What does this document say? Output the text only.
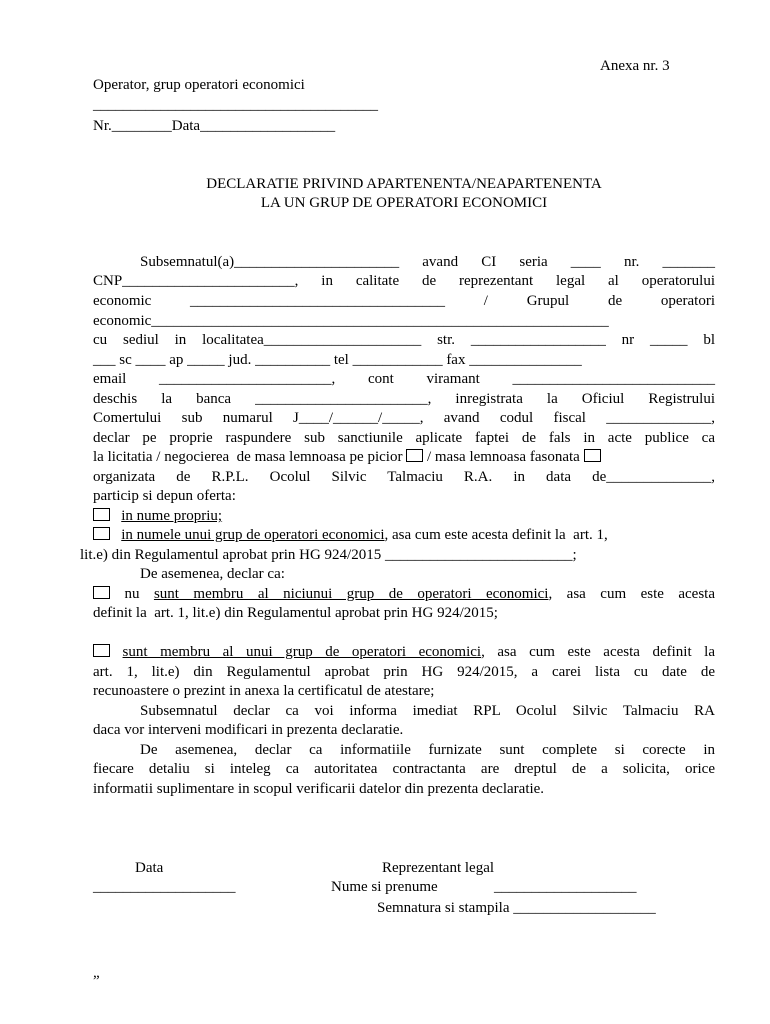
Anexa nr. 3
Operator, grup operatori economici
______________________________________
Nr.________Data__________________
DECLARATIE PRIVIND APARTENENTA/NEAPARTENENTA
LA UN GRUP DE OPERATORI ECONOMICI
Subsemnatul(a)______________________ avand CI seria ____ nr. _______
CNP_______________________, in calitate de reprezentant legal al operatorului
economic __________________________________ / Grupul de operatori
economic_____________________________________________________________
cu sediul in localitatea_____________________ str. __________________ nr _____ bl
___ sc ____ ap _____ jud. __________ tel ____________ fax _______________
email _______________________, cont viramant ___________________________
deschis la banca _______________________, inregistrata la Oficiul Registrului
Comertului sub numarul J____/______/_____, avand codul fiscal ______________,
declar pe proprie raspundere sub sanctiunile aplicate faptei de fals in acte publice ca
la licitatia / negocierea  de masa lemnoasa pe picior / masa lemnoasa fasonata
organizata de R.P.L. Ocolul Silvic Talmaciu R.A. in data de______________,
particip si depun oferta:
in nume propriu;
in numele unui grup de operatori economici, asa cum este acesta definit la  art. 1,
lit.e) din Regulamentul aprobat prin HG 924/2015 _________________________;
De asemenea, declar ca:
nu sunt membru al niciunui grup de operatori economici, asa cum este acesta
definit la  art. 1, lit.e) din Regulamentul aprobat prin HG 924/2015;
sunt membru al unui grup de operatori economici, asa cum este acesta definit la
art. 1, lit.e) din Regulamentul aprobat prin HG 924/2015, a carei lista cu date de
recunoastere o prezint in anexa la certificatul de atestare;
Subsemnatul declar ca voi informa imediat RPL Ocolul Silvic Talmaciu RA
daca vor interveni modificari in prezenta declaratie.
De asemenea, declar ca informatiile furnizate sunt complete si corecte in
fiecare detaliu si inteleg ca autoritatea contractanta are dreptul de a solicita, orice
informatii suplimentare in scopul verificarii datelor din prezenta declaratie.
Data
___________________
Reprezentant legal
Nume si prenume	___________________
Semnatura si stampila ___________________
„
